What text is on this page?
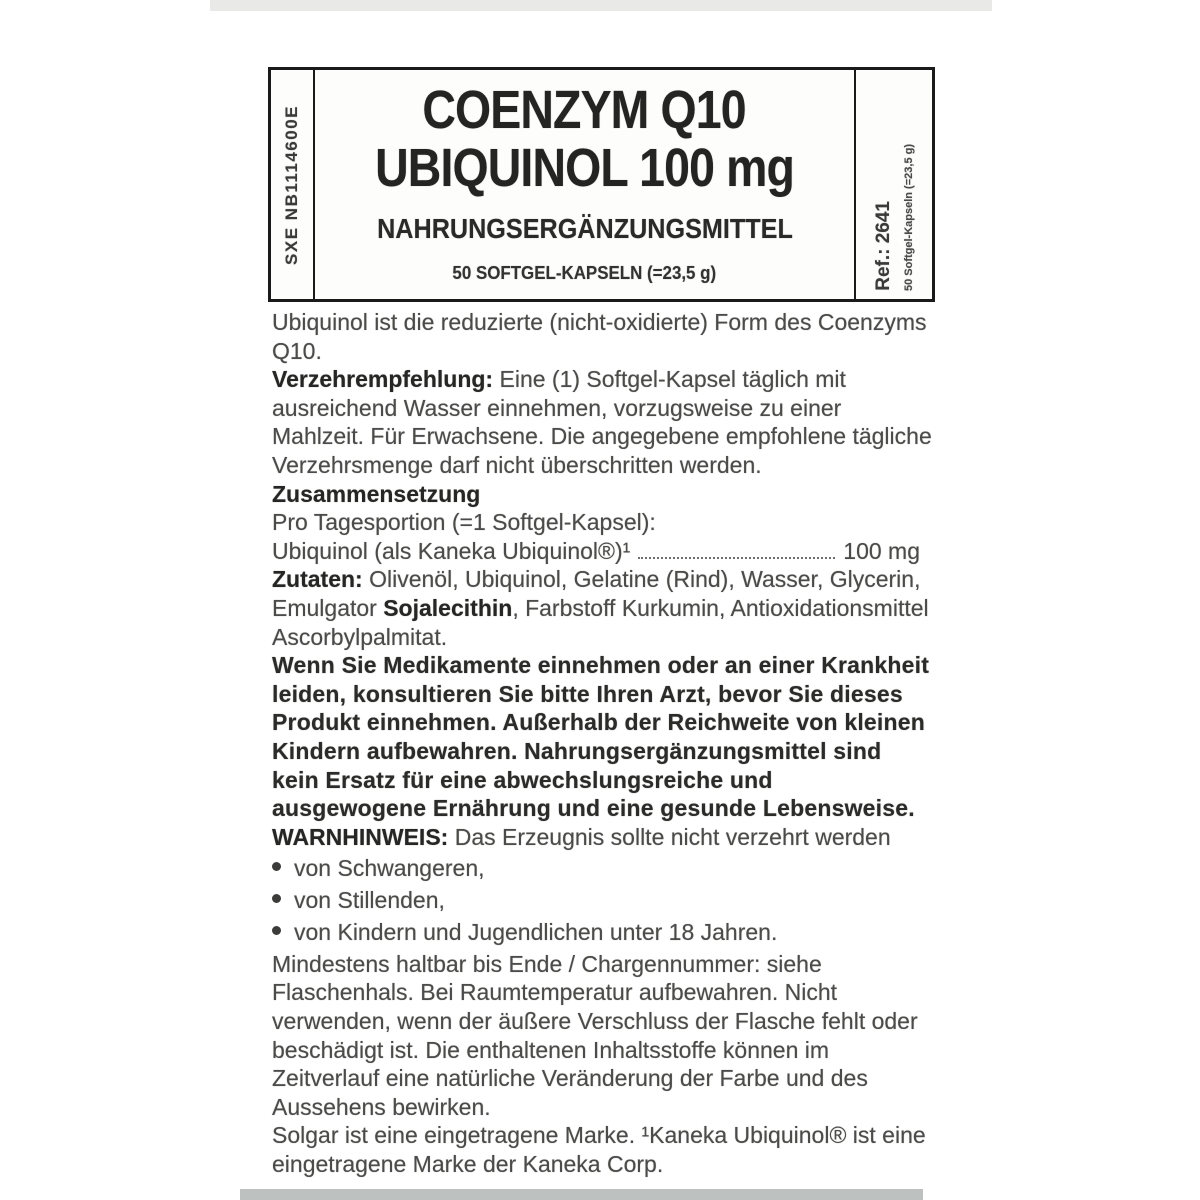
SXE NB1114600E COENZYM Q10
UBIQUINOL 100 mg
NAHRUNGSERGÄNZUNGSMITTEL
50 SOFTGEL-KAPSELN (=23,5 g)	Ref.: 2641 50 Softgel-Kapseln (=23,5 g)

Ubiquinol ist die reduzierte (nicht-oxidierte) Form des Coenzyms Q10.

Verzehrempfehlung: Eine (1) Softgel-Kapsel täglich mit ausreichend Wasser einnehmen, vorzugsweise zu einer Mahlzeit. Für Erwachsene. Die angegebene empfohlene tägliche Verzehrsmenge darf nicht überschritten werden.

Zusammensetzung

Pro Tagesportion (=1 Softgel-Kapsel):

Ubiquinol (als Kaneka Ubiquinol®)¹	100 mg

Zutaten: Olivenöl, Ubiquinol, Gelatine (Rind), Wasser, Glycerin, Emulgator Sojalecithin, Farbstoff Kurkumin, Antioxidationsmittel Ascorbylpalmitat.

Wenn Sie Medikamente einnehmen oder an einer Krankheit leiden, konsultieren Sie bitte Ihren Arzt, bevor Sie dieses Produkt einnehmen. Außerhalb der Reichweite von kleinen Kindern aufbewahren. Nahrungsergänzungsmittel sind kein Ersatz für eine abwechslungsreiche und ausgewogene Ernährung und eine gesunde Lebensweise.

WARNHINWEIS: Das Erzeugnis sollte nicht verzehrt werden

von Schwangeren,
von Stillenden,
von Kindern und Jugendlichen unter 18 Jahren.

Mindestens haltbar bis Ende / Chargennummer: siehe Flaschenhals. Bei Raumtemperatur aufbewahren. Nicht verwenden, wenn der äußere Verschluss der Flasche fehlt oder beschädigt ist. Die enthaltenen Inhaltsstoffe können im Zeitverlauf eine natürliche Veränderung der Farbe und des Aussehens bewirken.

Solgar ist eine eingetragene Marke. ¹Kaneka Ubiquinol® ist eine eingetragene Marke der Kaneka Corp.
